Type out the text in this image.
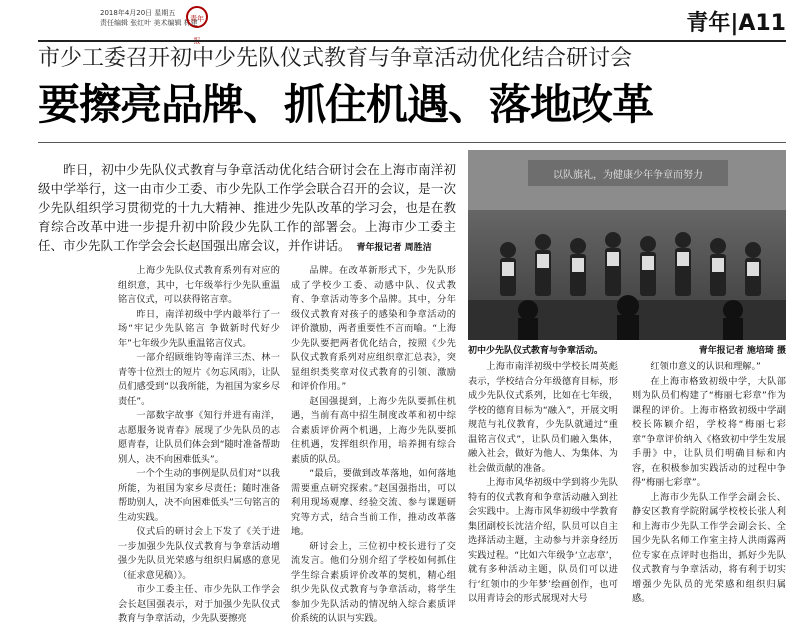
2018年4月20日 星期五
责任编辑 张红叶 美术编辑 林建
青年	青年|A11
市少工委召开初中少先队仪式教育与争章活动优化结合研讨会
要擦亮品牌、抓住机遇、落地改革
昨日，初中少先队仪式教育与争章活动优化结合研讨会在上海市南洋初级中学举行，这一由市少工委、市少先队工作学会联合召开的会议，是一次少先队组织学习贯彻党的十九大精神、推进少先队改革的学习会，也是在教育综合改革中进一步提升初中阶段少先队工作的部署会。上海市少工委主任、市少先队工作学会会长赵国强出席会议，并作讲话。 青年报记者 周胜洁
以队旗礼，为健康少年争章而努力
初中少先队仪式教育与争章活动。	青年报记者 施培琦 摄

上海少先队仪式教育系列有对应的组织意，其中，七年级举行少先队重温铭言仪式，可以获得铭言章。

昨日，南洋初级中学内敲举行了一场“牢记少先队铭言 争做新时代好少年”七年级少先队重温铭言仪式。

一部介绍顾维钧等南洋三杰、林一青等十位烈士的短片《勿忘风雨》，让队员们感受到“以我所能，为祖国为家乡尽责任”。

一部数字故事《知行并进有南洋，志愿服务说青春》展现了少先队员的志愿青春，让队员们体会到“随时准备帮助别人，决不向困难低头”。

一个个生动的事例是队员们对“以我所能，为祖国为家乡尽责任；随时准备帮助别人，决不向困难低头”三句铭言的生动实践。

仪式后的研讨会上下发了《关于进一步加强少先队仪式教育与争章活动增强少先队员光荣感与组织归属感的意见（征求意见稿）》。

市少工委主任、市少先队工作学会会长赵国强表示，对于加强少先队仪式教育与争章活动，少先队要擦亮

品牌。在改革新形式下，少先队形成了学校少工委、动感中队、仪式教育、争章活动等多个品牌。其中，分年级仪式教育对孩子的感染和争章活动的评价激励，两者重要性不言而喻。“上海少先队要把两者优化结合，按照《少先队仪式教育系列对应组织章汇总表》，突显组织类奖章对仪式教育的引领、激励和评价作用。”

赵国强提到，上海少先队要抓住机遇，当前有高中招生制度改革和初中综合素质评价两个机遇，上海少先队要抓住机遇，发挥组织作用，培养拥有综合素质的队员。

“最后，要做到改革落地，如何落地需要重点研究探索。”赵国强指出，可以利用现场观摩、经验交流、参与课题研究等方式，结合当前工作，推动改革落地。

研讨会上，三位初中校长进行了交流发言。他们分别介绍了学校如何抓住学生综合素质评价改革的契机，精心组织少先队仪式教育与争章活动，将学生参加少先队活动的情况纳入综合素质评价系统的认识与实践。

上海市南洋初级中学校长周英彪表示，学校结合分年级德育目标，形成少先队仪式系列，比如在七年级，学校的德育目标为“融入”，开展文明规范与礼仪教育，少先队就通过“重温铭言仪式”，让队员们融入集体，融入社会，做好为他人、为集体、为社会做贡献的准备。

上海市风华初级中学到将少先队特有的仪式教育和争章活动融入到社会实践中。上海市风华初级中学教育集团副校长沈洁介绍，队员可以自主选择活动主题，主动参与并亲身经历实践过程。“比如六年级争‘立志章’，就有多种活动主题，队员们可以进行‘红领巾的少年梦’绘画创作，也可以用青诗会的形式展现对大号

红领巾意义的认识和理解。”

在上海市格致初级中学，大队部则为队员们构建了“梅丽七彩章”作为课程的评价。上海市格致初级中学副校长陈颖介绍，学校将“梅丽七彩章”争章评价纳入《格致初中学生发展手册》中，让队员们明确目标和内容，在积极参加实践活动的过程中争得“梅丽七彩章”。

上海市少先队工作学会副会长、静安区教育学院附属学校校长张人利和上海市少先队工作学会副会长、全国少先队名师工作室主持人洪雨露两位专家在点评时也指出，抓好少先队仪式教育与争章活动，将有利于切实增强少先队员的光荣感和组织归属感。
